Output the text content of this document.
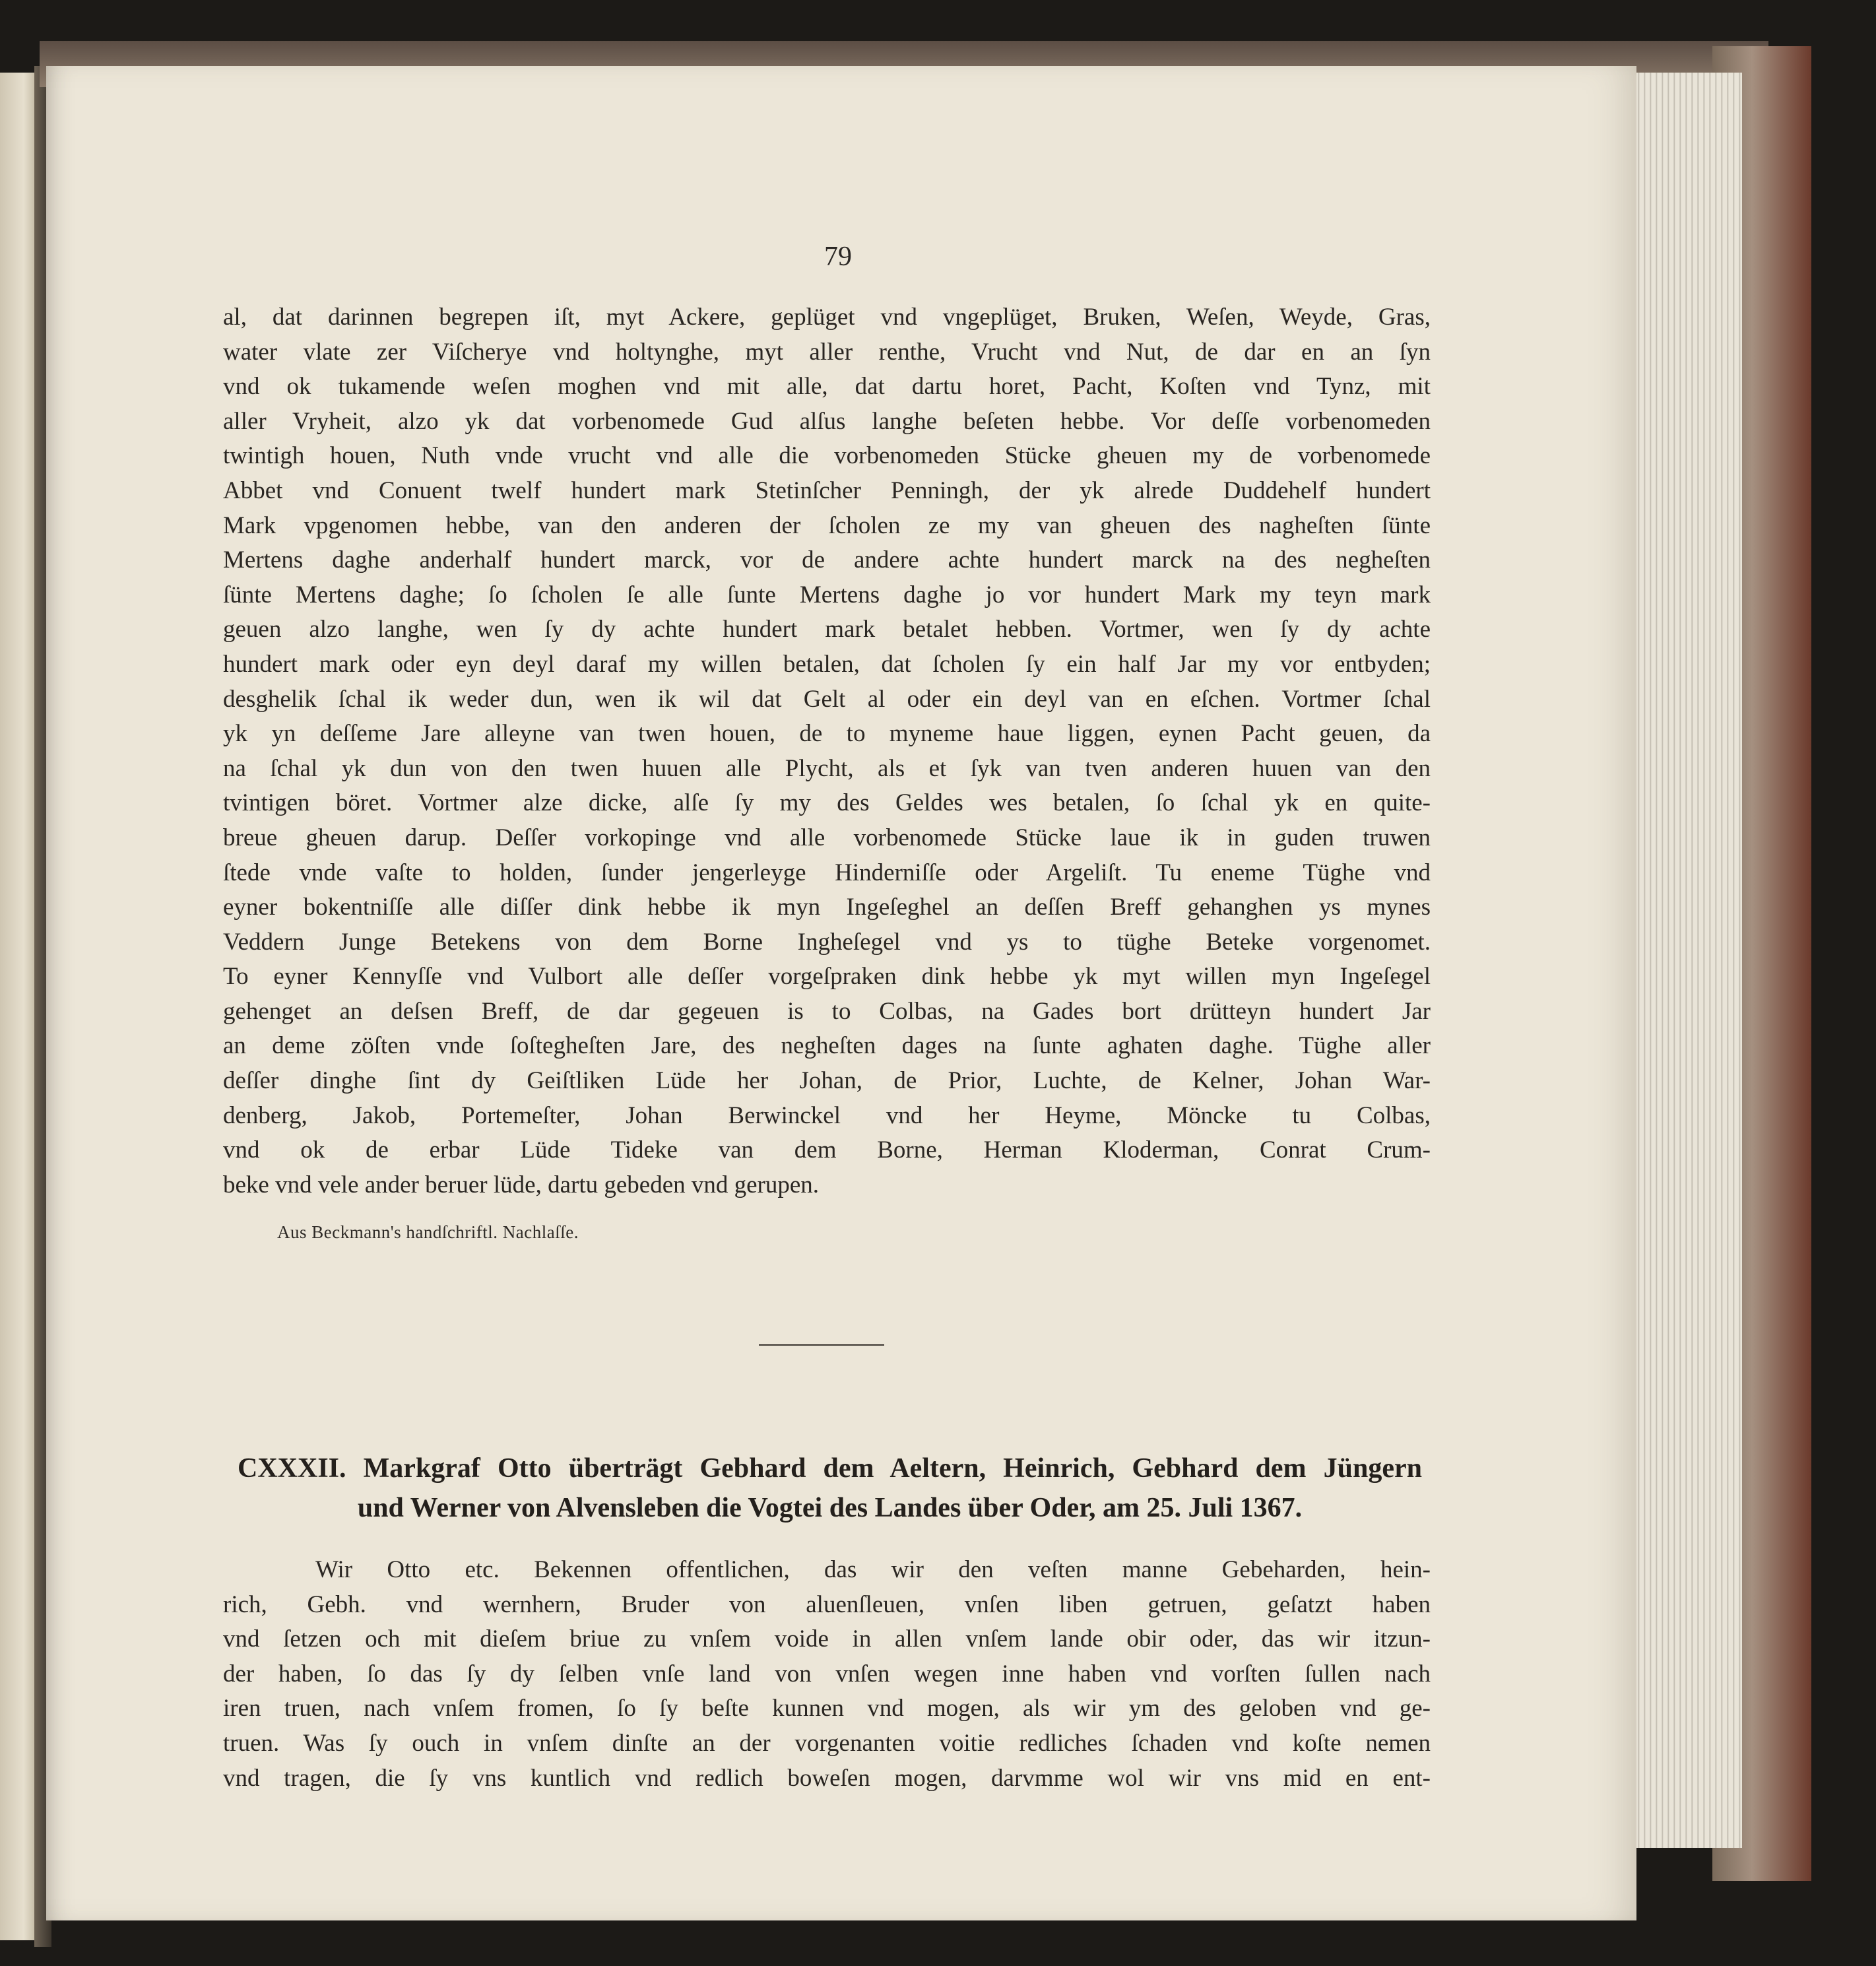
79
al, dat darinnen begrepen iſt, myt Ackere, geplüget vnd vngeplüget, Bruken, Weſen, Weyde, Gras,
water vlate zer Viſcherye vnd holtynghe, myt aller renthe, Vrucht vnd Nut, de dar en an ſyn
vnd ok tukamende weſen moghen vnd mit alle, dat dartu horet, Pacht, Koſten vnd Tynz, mit
aller Vryheit, alzo yk dat vorbenomede Gud alſus langhe beſeten hebbe. Vor deſſe vorbenomeden
twintigh houen, Nuth vnde vrucht vnd alle die vorbenomeden Stücke gheuen my de vorbenomede
Abbet vnd Conuent twelf hundert mark Stetinſcher Penningh, der yk alrede Duddehelf hundert
Mark vpgenomen hebbe, van den anderen der ſcholen ze my van gheuen des nagheſten ſünte
Mertens daghe anderhalf hundert marck, vor de andere achte hundert marck na des negheſten
ſünte Mertens daghe; ſo ſcholen ſe alle ſunte Mertens daghe jo vor hundert Mark my teyn mark
geuen alzo langhe, wen ſy dy achte hundert mark betalet hebben. Vortmer, wen ſy dy achte
hundert mark oder eyn deyl daraf my willen betalen, dat ſcholen ſy ein half Jar my vor entbyden;
desghelik ſchal ik weder dun, wen ik wil dat Gelt al oder ein deyl van en eſchen. Vortmer ſchal
yk yn deſſeme Jare alleyne van twen houen, de to myneme haue liggen, eynen Pacht geuen, da
na ſchal yk dun von den twen huuen alle Plycht, als et ſyk van tven anderen huuen van den
tvintigen böret. Vortmer alze dicke, alſe ſy my des Geldes wes betalen, ſo ſchal yk en quite-
breue gheuen darup. Deſſer vorkopinge vnd alle vorbenomede Stücke laue ik in guden truwen
ſtede vnde vaſte to holden, ſunder jengerleyge Hinderniſſe oder Argeliſt. Tu eneme Tüghe vnd
eyner bokentniſſe alle diſſer dink hebbe ik myn Ingeſeghel an deſſen Breff gehanghen ys mynes
Veddern Junge Betekens von dem Borne Ingheſegel vnd ys to tüghe Beteke vorgenomet.
To eyner Kennyſſe vnd Vulbort alle deſſer vorgeſpraken dink hebbe yk myt willen myn Ingeſegel
gehenget an deſsen Breff, de dar gegeuen is to Colbas, na Gades bort drütteyn hundert Jar
an deme zöſten vnde ſoſtegheſten Jare, des negheſten dages na ſunte aghaten daghe. Tüghe aller
deſſer dinghe ſint dy Geiſtliken Lüde her Johan, de Prior, Luchte, de Kelner, Johan War-
denberg, Jakob, Portemeſter, Johan Berwinckel vnd her Heyme, Möncke tu Colbas,
vnd ok de erbar Lüde Tideke van dem Borne, Herman Kloderman, Conrat Crum-
beke vnd vele ander beruer lüde, dartu gebeden vnd gerupen.
Aus Beckmann's handſchriftl. Nachlaſſe.
CXXXII. Markgraf Otto überträgt Gebhard dem Aeltern, Heinrich, Gebhard dem Jüngern
und Werner von Alvensleben die Vogtei des Landes über Oder, am 25. Juli 1367.
Wir Otto etc. Bekennen offentlichen, das wir den veſten manne Gebeharden, hein-
rich, Gebh. vnd wernhern, Bruder von aluenſleuen, vnſen liben getruen, geſatzt haben
vnd ſetzen och mit dieſem briue zu vnſem voide in allen vnſem lande obir oder, das wir itzun-
der haben, ſo das ſy dy ſelben vnſe land von vnſen wegen inne haben vnd vorſten ſullen nach
iren truen, nach vnſem fromen, ſo ſy beſte kunnen vnd mogen, als wir ym des geloben vnd ge-
truen. Was ſy ouch in vnſem dinſte an der vorgenanten voitie redliches ſchaden vnd koſte nemen
vnd tragen, die ſy vns kuntlich vnd redlich boweſen mogen, darvmme wol wir vns mid en ent-
